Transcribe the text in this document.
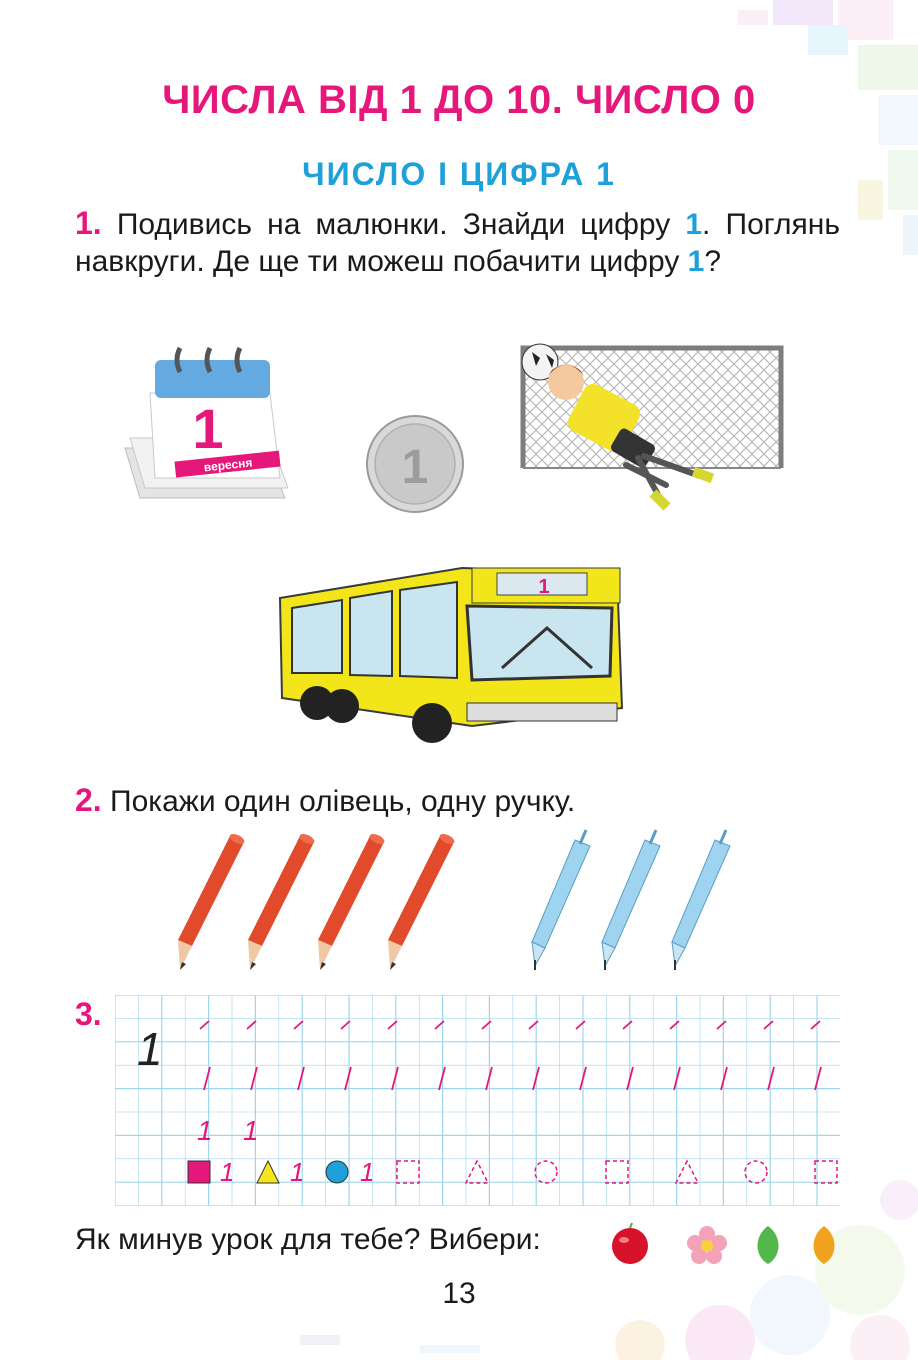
ЧИСЛА ВІД 1 ДО 10. ЧИСЛО 0
ЧИСЛО І ЦИФРА 1
1. Подивись на малюнки. Знайди цифру 1. Поглянь навкруги. Де ще ти можеш побачити цифру 1?
1
вересня	1
1
2. Покажи один олівець, одну ручку.
3.
1
1 1
1 1 1
Як минув урок для тебе? Вибери:
13
